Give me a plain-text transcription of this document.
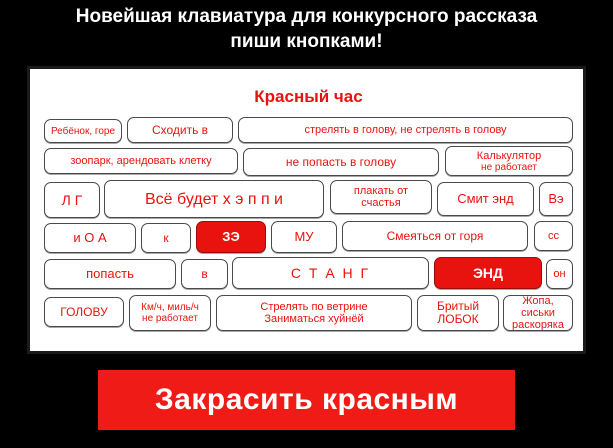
Новейшая клавиатура для конкурсного рассказа
пиши кнопками!
Красный час
Ребёнок, горе	Сходить в	стрелять в голову, не стрелять в голову
зоопарк, арендовать клетку	не попасть в голову	Калькулятор
не работает
Л Г	Всё будет х э п п и	плакать от
счастья	Смит энд	Вэ
и О А	к	ЗЭ	МУ	Смеяться от горя	сс
попасть	в	С Т А Н Г	ЭНД	он
ГОЛОВУ	Км/ч, миль/ч
не работает
Стрелять по ветрине
Заниматься хуйнёй
Бритый
ЛОБОК
Жопа, сиськи
раскоряка
Закрасить красным
